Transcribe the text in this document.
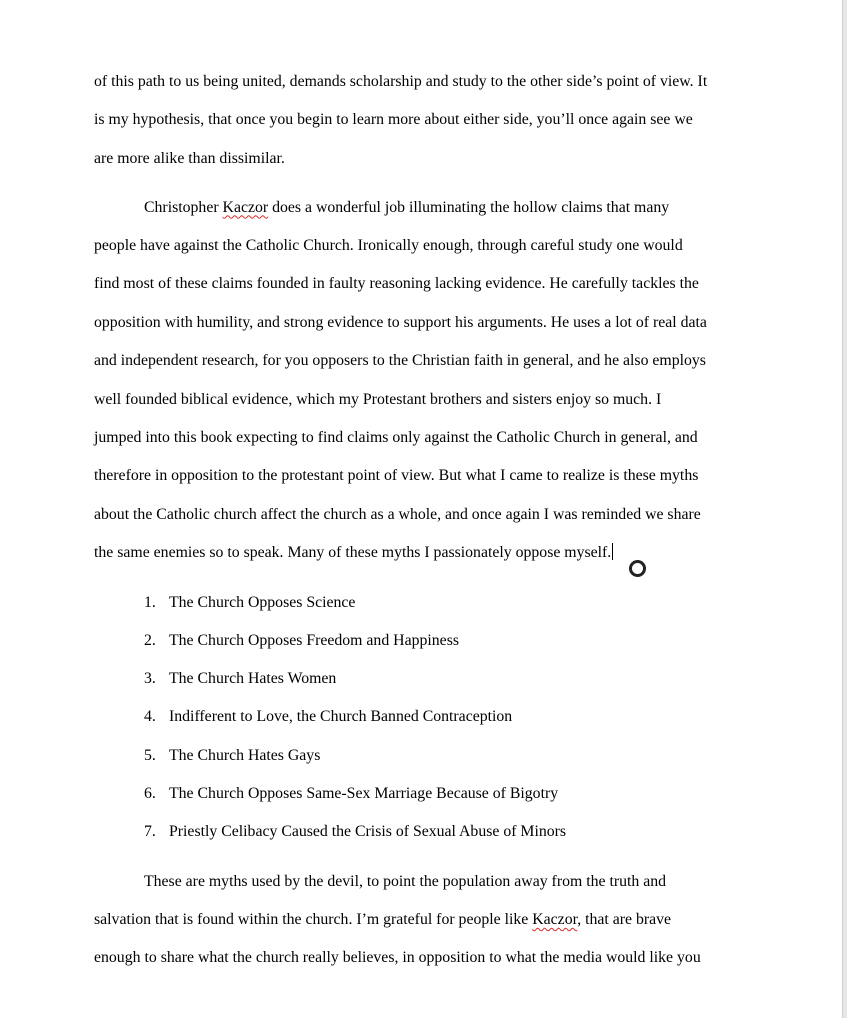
of this path to us being united, demands scholarship and study to the other side’s point of view. It
is my hypothesis, that once you begin to learn more about either side, you’ll once again see we
are more alike than dissimilar.

Christopher Kaczor does a wonderful job illuminating the hollow claims that many
people have against the Catholic Church. Ironically enough, through careful study one would
find most of these claims founded in faulty reasoning lacking evidence. He carefully tackles the
opposition with humility, and strong evidence to support his arguments. He uses a lot of real data
and independent research, for you opposers to the Christian faith in general, and he also employs
well founded biblical evidence, which my Protestant brothers and sisters enjoy so much. I
jumped into this book expecting to find claims only against the Catholic Church in general, and
therefore in opposition to the protestant point of view. But what I came to realize is these myths
about the Catholic church affect the church as a whole, and once again I was reminded we share
the same enemies so to speak. Many of these myths I passionately oppose myself.

1. The Church Opposes Science
2. The Church Opposes Freedom and Happiness
3. The Church Hates Women
4. Indifferent to Love, the Church Banned Contraception
5. The Church Hates Gays
6. The Church Opposes Same-Sex Marriage Because of Bigotry
7. Priestly Celibacy Caused the Crisis of Sexual Abuse of Minors

These are myths used by the devil, to point the population away from the truth and
salvation that is found within the church. I’m grateful for people like Kaczor, that are brave
enough to share what the church really believes, in opposition to what the media would like you
